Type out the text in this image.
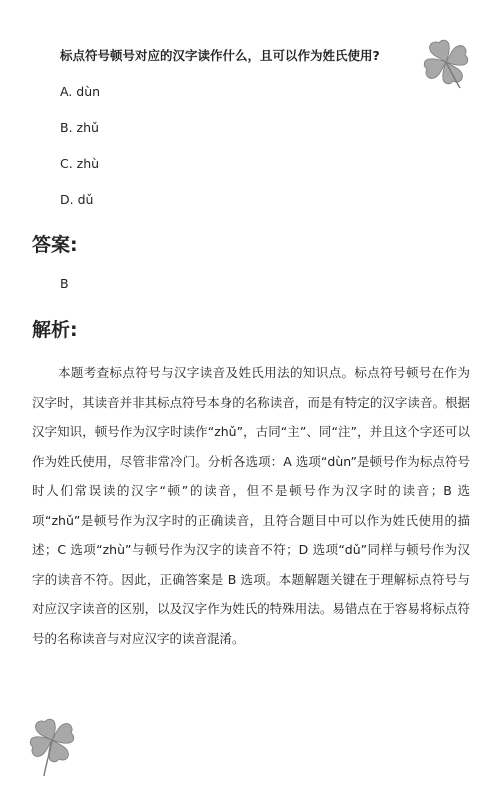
标点符号顿号对应的汉字读作什么，且可以作为姓氏使用?
A. dùn
B. zhǔ
C. zhù
D. dǔ
答案:
B
解析:

本题考查标点符号与汉字读音及姓氏用法的知识点。标点符号顿号在作为汉字时，其读音并非其标点符号本身的名称读音，而是有特定的汉字读音。根据汉字知识，顿号作为汉字时读作“zhǔ”，古同“主”、同“注”，并且这个字还可以作为姓氏使用，尽管非常冷门。分析各选项：A 选项“dùn”是顿号作为标点符号时人们常误读的汉字“顿”的读音，但不是顿号作为汉字时的读音；B 选项“zhǔ”是顿号作为汉字时的正确读音，且符合题目中可以作为姓氏使用的描述；C 选项“zhù”与顿号作为汉字的读音不符；D 选项“dǔ”同样与顿号作为汉字的读音不符。因此，正确答案是 B 选项。本题解题关键在于理解标点符号与对应汉字读音的区别，以及汉字作为姓氏的特殊用法。易错点在于容易将标点符号的名称读音与对应汉字的读音混淆。
